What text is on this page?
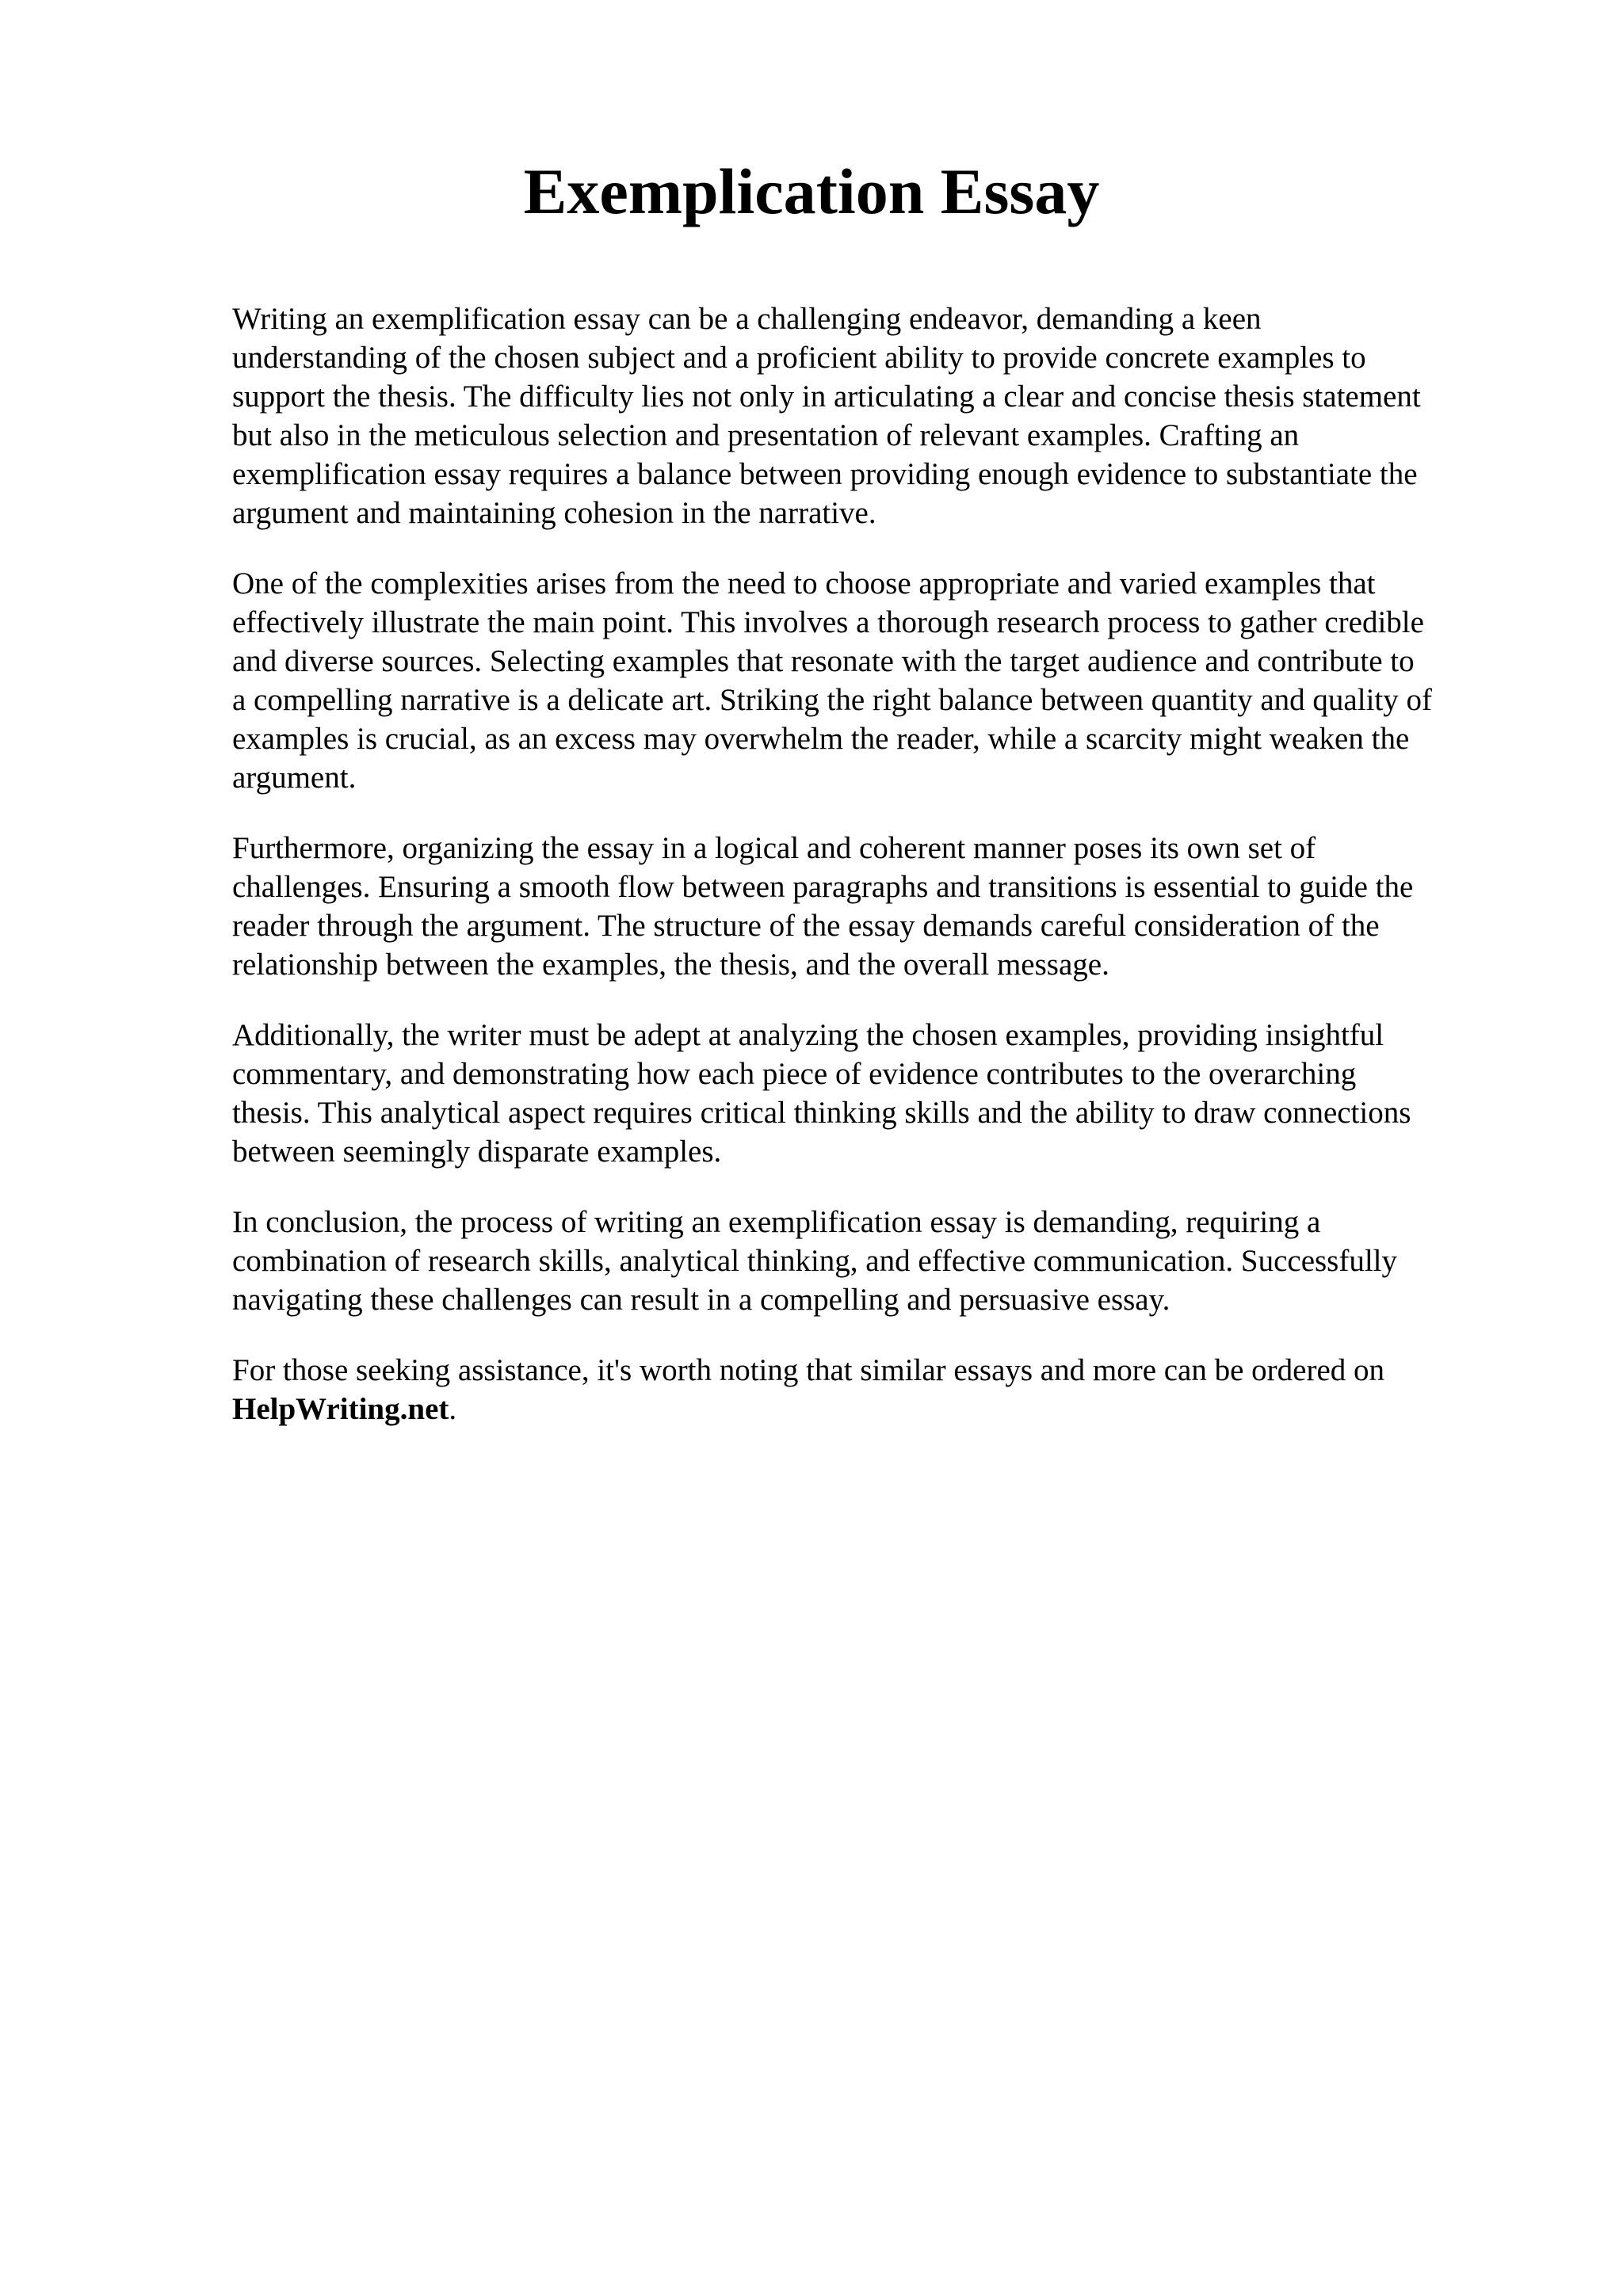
Exemplication Essay

Writing an exemplification essay can be a challenging endeavor, demanding a keen
understanding of the chosen subject and a proficient ability to provide concrete examples to
support the thesis. The difficulty lies not only in articulating a clear and concise thesis statement
but also in the meticulous selection and presentation of relevant examples. Crafting an
exemplification essay requires a balance between providing enough evidence to substantiate the
argument and maintaining cohesion in the narrative.

One of the complexities arises from the need to choose appropriate and varied examples that
effectively illustrate the main point. This involves a thorough research process to gather credible
and diverse sources. Selecting examples that resonate with the target audience and contribute to
a compelling narrative is a delicate art. Striking the right balance between quantity and quality of
examples is crucial, as an excess may overwhelm the reader, while a scarcity might weaken the
argument.

Furthermore, organizing the essay in a logical and coherent manner poses its own set of
challenges. Ensuring a smooth flow between paragraphs and transitions is essential to guide the
reader through the argument. The structure of the essay demands careful consideration of the
relationship between the examples, the thesis, and the overall message.

Additionally, the writer must be adept at analyzing the chosen examples, providing insightful
commentary, and demonstrating how each piece of evidence contributes to the overarching
thesis. This analytical aspect requires critical thinking skills and the ability to draw connections
between seemingly disparate examples.

In conclusion, the process of writing an exemplification essay is demanding, requiring a
combination of research skills, analytical thinking, and effective communication. Successfully
navigating these challenges can result in a compelling and persuasive essay.

For those seeking assistance, it's worth noting that similar essays and more can be ordered on
HelpWriting.net.
